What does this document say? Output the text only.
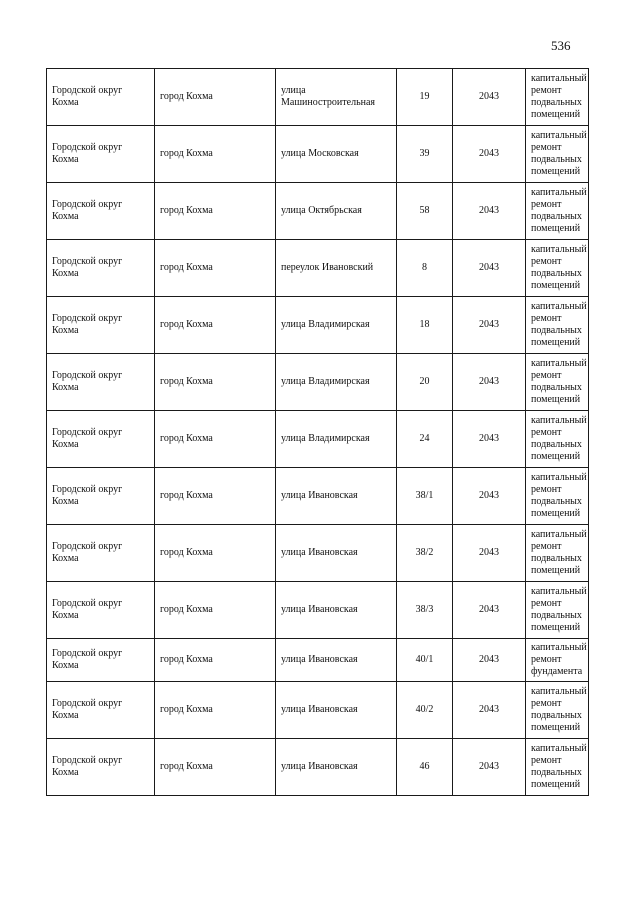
536
Городской округ Кохма	город Кохма	улица Машиностроительная	19	2043	капитальный
ремонт
подвальных
помещений

Городской округ Кохма	город Кохма	улица Московская	39	2043	капитальный
ремонт
подвальных
помещений

Городской округ Кохма	город Кохма	улица Октябрьская	58	2043	капитальный
ремонт
подвальных
помещений

Городской округ Кохма	город Кохма	переулок Ивановский	8	2043	капитальный
ремонт
подвальных
помещений

Городской округ Кохма	город Кохма	улица Владимирская	18	2043	капитальный
ремонт
подвальных
помещений

Городской округ Кохма	город Кохма	улица Владимирская	20	2043	капитальный
ремонт
подвальных
помещений

Городской округ Кохма	город Кохма	улица Владимирская	24	2043	капитальный
ремонт
подвальных
помещений

Городской округ Кохма	город Кохма	улица Ивановская	38/1	2043	капитальный
ремонт
подвальных
помещений

Городской округ Кохма	город Кохма	улица Ивановская	38/2	2043	капитальный
ремонт
подвальных
помещений

Городской округ Кохма	город Кохма	улица Ивановская	38/3	2043	капитальный
ремонт
подвальных
помещений

Городской округ Кохма	город Кохма	улица Ивановская	40/1	2043	капитальный
ремонт
фундамента

Городской округ Кохма	город Кохма	улица Ивановская	40/2	2043	капитальный
ремонт
подвальных
помещений

Городской округ Кохма	город Кохма	улица Ивановская	46	2043	капитальный
ремонт
подвальных
помещений
